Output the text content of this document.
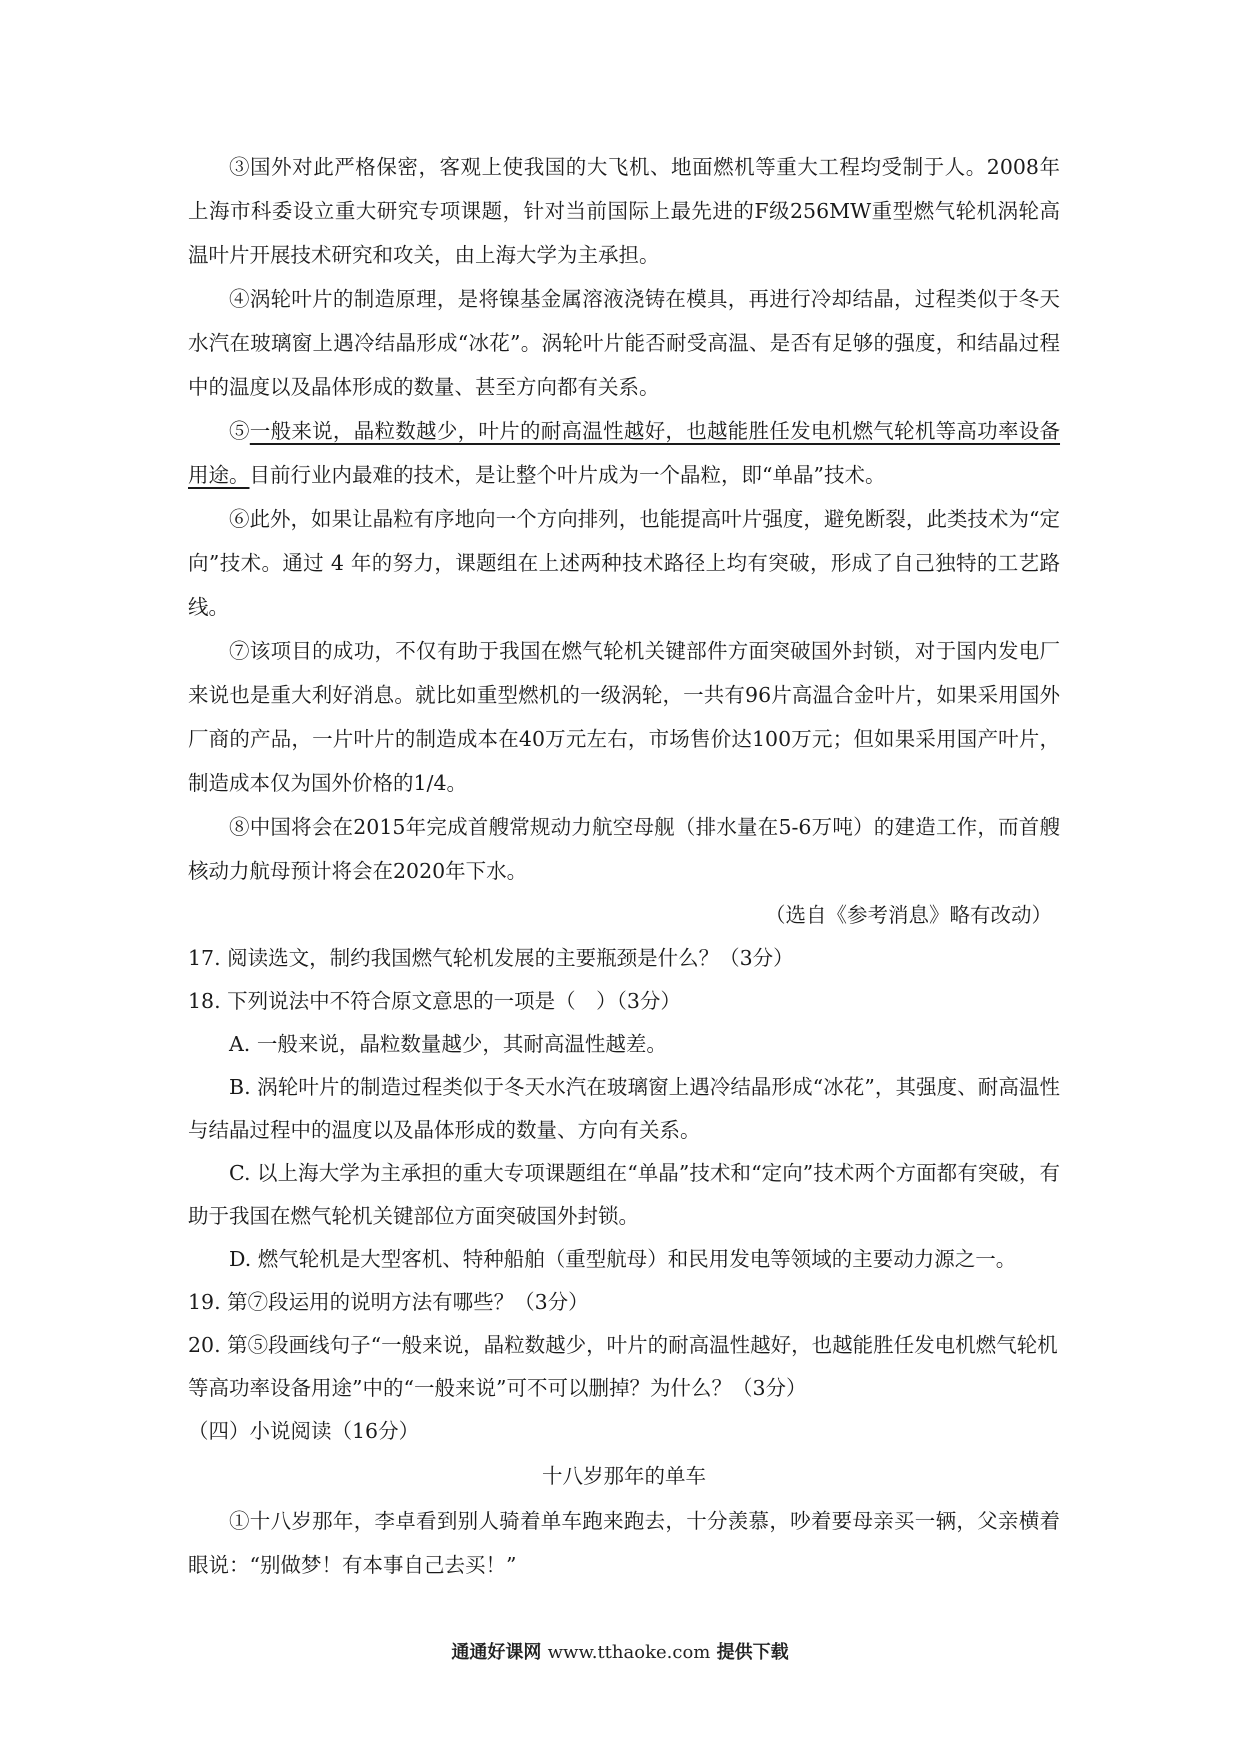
③国外对此严格保密，客观上使我国的大飞机、地面燃机等重大工程均受制于人。2008年上海市科委设立重大研究专项课题，针对当前国际上最先进的F级256MW重型燃气轮机涡轮高温叶片开展技术研究和攻关，由上海大学为主承担。

④涡轮叶片的制造原理，是将镍基金属溶液浇铸在模具，再进行冷却结晶，过程类似于冬天水汽在玻璃窗上遇冷结晶形成“冰花”。涡轮叶片能否耐受高温、是否有足够的强度，和结晶过程中的温度以及晶体形成的数量、甚至方向都有关系。

⑤一般来说，晶粒数越少，叶片的耐高温性越好，也越能胜任发电机燃气轮机等高功率设备用途。目前行业内最难的技术，是让整个叶片成为一个晶粒，即“单晶”技术。

⑥此外，如果让晶粒有序地向一个方向排列，也能提高叶片强度，避免断裂，此类技术为“定向”技术。通过 4 年的努力，课题组在上述两种技术路径上均有突破，形成了自己独特的工艺路线。

⑦该项目的成功，不仅有助于我国在燃气轮机关键部件方面突破国外封锁，对于国内发电厂来说也是重大利好消息。就比如重型燃机的一级涡轮，一共有96片高温合金叶片，如果采用国外厂商的产品，一片叶片的制造成本在40万元左右，市场售价达100万元；但如果采用国产叶片，制造成本仅为国外价格的1/4。

⑧中国将会在2015年完成首艘常规动力航空母舰（排水量在5-6万吨）的建造工作，而首艘核动力航母预计将会在2020年下水。

（选自《参考消息》略有改动）

17. 阅读选文，制约我国燃气轮机发展的主要瓶颈是什么？（3分）

18. 下列说法中不符合原文意思的一项是（　）（3分）

A. 一般来说，晶粒数量越少，其耐高温性越差。

B. 涡轮叶片的制造过程类似于冬天水汽在玻璃窗上遇冷结晶形成“冰花”，其强度、耐高温性与结晶过程中的温度以及晶体形成的数量、方向有关系。

C. 以上海大学为主承担的重大专项课题组在“单晶”技术和“定向”技术两个方面都有突破，有助于我国在燃气轮机关键部位方面突破国外封锁。

D. 燃气轮机是大型客机、特种船舶（重型航母）和民用发电等领域的主要动力源之一。

19. 第⑦段运用的说明方法有哪些？（3分）

20. 第⑤段画线句子“一般来说，晶粒数越少，叶片的耐高温性越好，也越能胜任发电机燃气轮机等高功率设备用途”中的“一般来说”可不可以删掉？为什么？（3分）

（四）小说阅读（16分）

十八岁那年的单车

①十八岁那年，李卓看到别人骑着单车跑来跑去，十分羡慕，吵着要母亲买一辆，父亲横着眼说：“别做梦！有本事自己去买！”

通通好课网 www.tthaoke.com 提供下载
